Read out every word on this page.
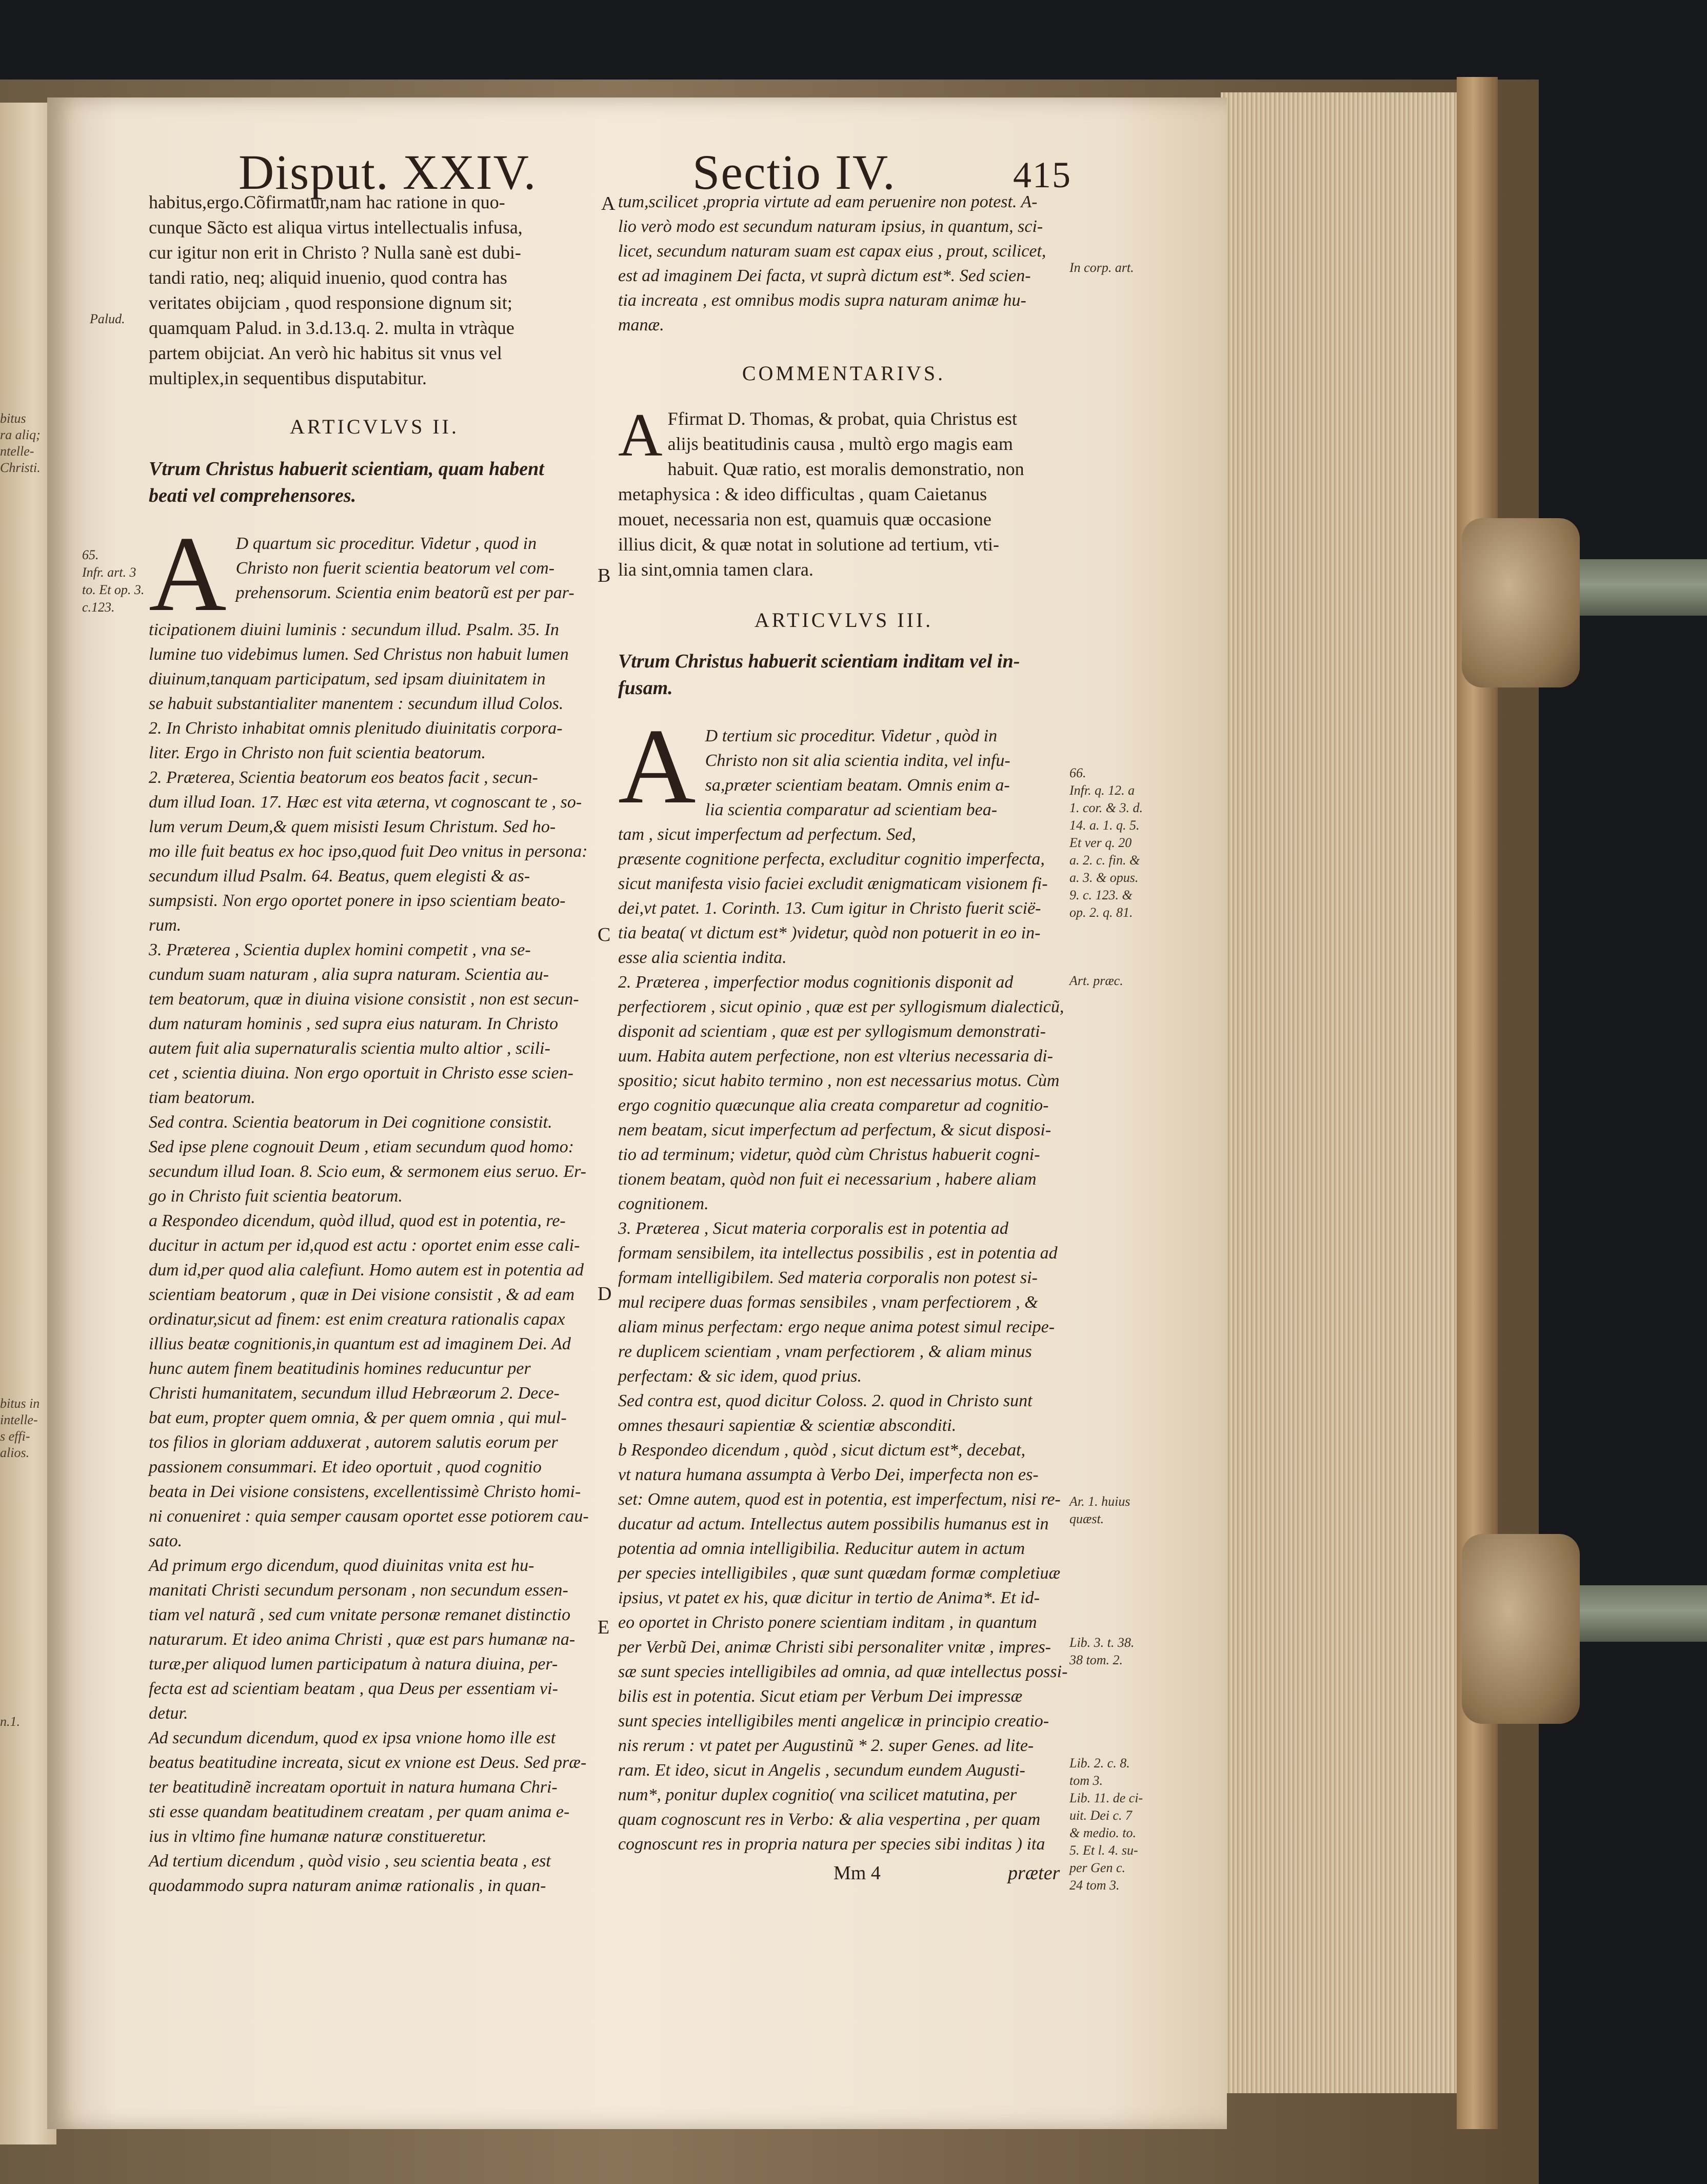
bitus
ra aliq;
ntelle-
Christi.
bitus in
intelle-
s effi-
alios.
n.1.
Disput. XXIV.	Sectio IV.	415
habitus,ergo.Cõfirmatur,nam hac ratione in quo-
cunque Sãcto est aliqua virtus intellectualis infusa,
cur igitur non erit in Christo ? Nulla sanè est dubi-
tandi ratio, neq; aliquid inuenio, quod contra has
veritates obijciam , quod responsione dignum sit;
quamquam Palud. in 3.d.13.q. 2. multa in vtràque
partem obijciat. An verò hic habitus sit vnus vel
multiplex,in sequentibus disputabitur.
ARTICVLVS II.
Vtrum Christus habuerit scientiam, quam habent
beati vel comprehensores.
A D quartum sic proceditur. Videtur , quod in
Christo non fuerit scientia beatorum vel com-
prehensorum. Scientia enim beatorũ est per par-
ticipationem diuini luminis : secundum illud. Psalm. 35. In
lumine tuo videbimus lumen. Sed Christus non habuit lumen
diuinum,tanquam participatum, sed ipsam diuinitatem in
se habuit substantialiter manentem : secundum illud Colos.
2. In Christo inhabitat omnis plenitudo diuinitatis corpora-
liter. Ergo in Christo non fuit scientia beatorum.
2. Præterea, Scientia beatorum eos beatos facit , secun-
dum illud Ioan. 17. Hæc est vita æterna, vt cognoscant te , so-
lum verum Deum,& quem misisti Iesum Christum. Sed ho-
mo ille fuit beatus ex hoc ipso,quod fuit Deo vnitus in persona:
secundum illud Psalm. 64. Beatus, quem elegisti & as-
sumpsisti. Non ergo oportet ponere in ipso scientiam beato-
rum.
3. Præterea , Scientia duplex homini competit , vna se-
cundum suam naturam , alia supra naturam. Scientia au-
tem beatorum, quæ in diuina visione consistit , non est secun-
dum naturam hominis , sed supra eius naturam. In Christo
autem fuit alia supernaturalis scientia multo altior , scili-
cet , scientia diuina. Non ergo oportuit in Christo esse scien-
tiam beatorum.
Sed contra. Scientia beatorum in Dei cognitione consistit.
Sed ipse plene cognouit Deum , etiam secundum quod homo:
secundum illud Ioan. 8. Scio eum, & sermonem eius seruo. Er-
go in Christo fuit scientia beatorum.
a Respondeo dicendum, quòd illud, quod est in potentia, re-
ducitur in actum per id,quod est actu : oportet enim esse cali-
dum id,per quod alia calefiunt. Homo autem est in potentia ad
scientiam beatorum , quæ in Dei visione consistit , & ad eam
ordinatur,sicut ad finem: est enim creatura rationalis capax
illius beatæ cognitionis,in quantum est ad imaginem Dei. Ad
hunc autem finem beatitudinis homines reducuntur per
Christi humanitatem, secundum illud Hebræorum 2. Dece-
bat eum, propter quem omnia, & per quem omnia , qui mul-
tos filios in gloriam adduxerat , autorem salutis eorum per
passionem consummari. Et ideo oportuit , quod cognitio
beata in Dei visione consistens, excellentissimè Christo homi-
ni conueniret : quia semper causam oportet esse potiorem cau-
sato.
Ad primum ergo dicendum, quod diuinitas vnita est hu-
manitati Christi secundum personam , non secundum essen-
tiam vel naturã , sed cum vnitate personæ remanet distinctio
naturarum. Et ideo anima Christi , quæ est pars humanæ na-
turæ,per aliquod lumen participatum à natura diuina, per-
fecta est ad scientiam beatam , qua Deus per essentiam vi-
detur.
Ad secundum dicendum, quod ex ipsa vnione homo ille est
beatus beatitudine increata, sicut ex vnione est Deus. Sed præ-
ter beatitudinẽ increatam oportuit in natura humana Chri-
sti esse quandam beatitudinem creatam , per quam anima e-
ius in vltimo fine humanæ naturæ constitueretur.
Ad tertium dicendum , quòd visio , seu scientia beata , est
quodammodo supra naturam animæ rationalis , in quan-
tum,scilicet ,propria virtute ad eam peruenire non potest. A-
lio verò modo est secundum naturam ipsius, in quantum, sci-
licet, secundum naturam suam est capax eius , prout, scilicet,
est ad imaginem Dei facta, vt suprà dictum est*. Sed scien-
tia increata , est omnibus modis supra naturam animæ hu-
manæ.
COMMENTARIVS.
A Ffirmat D. Thomas, & probat, quia Christus est
alijs beatitudinis causa , multò ergo magis eam
habuit. Quæ ratio, est moralis demonstratio, non
metaphysica : & ideo difficultas , quam Caietanus
mouet, necessaria non est, quamuis quæ occasione
illius dicit, & quæ notat in solutione ad tertium, vti-
lia sint,omnia tamen clara.
ARTICVLVS III.
Vtrum Christus habuerit scientiam inditam vel in-
fusam.
A D tertium sic proceditur. Videtur , quòd in
Christo non sit alia scientia indita, vel infu-
sa,præter scientiam beatam. Omnis enim a-
lia scientia comparatur ad scientiam bea-
tam , sicut imperfectum ad perfectum. Sed,
præsente cognitione perfecta, excluditur cognitio imperfecta,
sicut manifesta visio faciei excludit ænigmaticam visionem fi-
dei,vt patet. 1. Corinth. 13. Cum igitur in Christo fuerit scië-
tia beata( vt dictum est* )videtur, quòd non potuerit in eo in-
esse alia scientia indita.
2. Præterea , imperfectior modus cognitionis disponit ad
perfectiorem , sicut opinio , quæ est per syllogismum dialecticũ,
disponit ad scientiam , quæ est per syllogismum demonstrati-
uum. Habita autem perfectione, non est vlterius necessaria di-
spositio; sicut habito termino , non est necessarius motus. Cùm
ergo cognitio quæcunque alia creata comparetur ad cognitio-
nem beatam, sicut imperfectum ad perfectum, & sicut disposi-
tio ad terminum; videtur, quòd cùm Christus habuerit cogni-
tionem beatam, quòd non fuit ei necessarium , habere aliam
cognitionem.
3. Præterea , Sicut materia corporalis est in potentia ad
formam sensibilem, ita intellectus possibilis , est in potentia ad
formam intelligibilem. Sed materia corporalis non potest si-
mul recipere duas formas sensibiles , vnam perfectiorem , &
aliam minus perfectam: ergo neque anima potest simul recipe-
re duplicem scientiam , vnam perfectiorem , & aliam minus
perfectam: & sic idem, quod prius.
Sed contra est, quod dicitur Coloss. 2. quod in Christo sunt
omnes thesauri sapientiæ & scientiæ absconditi.
b Respondeo dicendum , quòd , sicut dictum est*, decebat,
vt natura humana assumpta à Verbo Dei, imperfecta non es-
set: Omne autem, quod est in potentia, est imperfectum, nisi re-
ducatur ad actum. Intellectus autem possibilis humanus est in
potentia ad omnia intelligibilia. Reducitur autem in actum
per species intelligibiles , quæ sunt quædam formæ completiuæ
ipsius, vt patet ex his, quæ dicitur in tertio de Anima*. Et id-
eo oportet in Christo ponere scientiam inditam , in quantum
per Verbũ Dei, animæ Christi sibi personaliter vnitæ , impres-
sæ sunt species intelligibiles ad omnia, ad quæ intellectus possi-
bilis est in potentia. Sicut etiam per Verbum Dei impressæ
sunt species intelligibiles menti angelicæ in principio creatio-
nis rerum : vt patet per Augustinũ * 2. super Genes. ad lite-
ram. Et ideo, sicut in Angelis , secundum eundem Augusti-
num*, ponitur duplex cognitio( vna scilicet matutina, per
quam cognoscunt res in Verbo: & alia vespertina , per quam
cognoscunt res in propria natura per species sibi inditas ) ita
Mm 4	præter
A
B
C
D
E
Palud.
65.
Infr. art. 3
to. Et op. 3.
c.123.
In corp. art.
66.
Infr. q. 12. a
1. cor. & 3. d.
14. a. 1. q. 5.
Et ver q. 20
a. 2. c. fin. &
a. 3. & opus.
9. c. 123. &
op. 2. q. 81.
Art. præc.
Ar. 1. huius
quæst.
Lib. 3. t. 38.
38 tom. 2.
Lib. 2. c. 8.
tom 3.
Lib. 11. de ci-
uit. Dei c. 7
& medio. to.
5. Et l. 4. su-
per Gen c.
24 tom 3.
